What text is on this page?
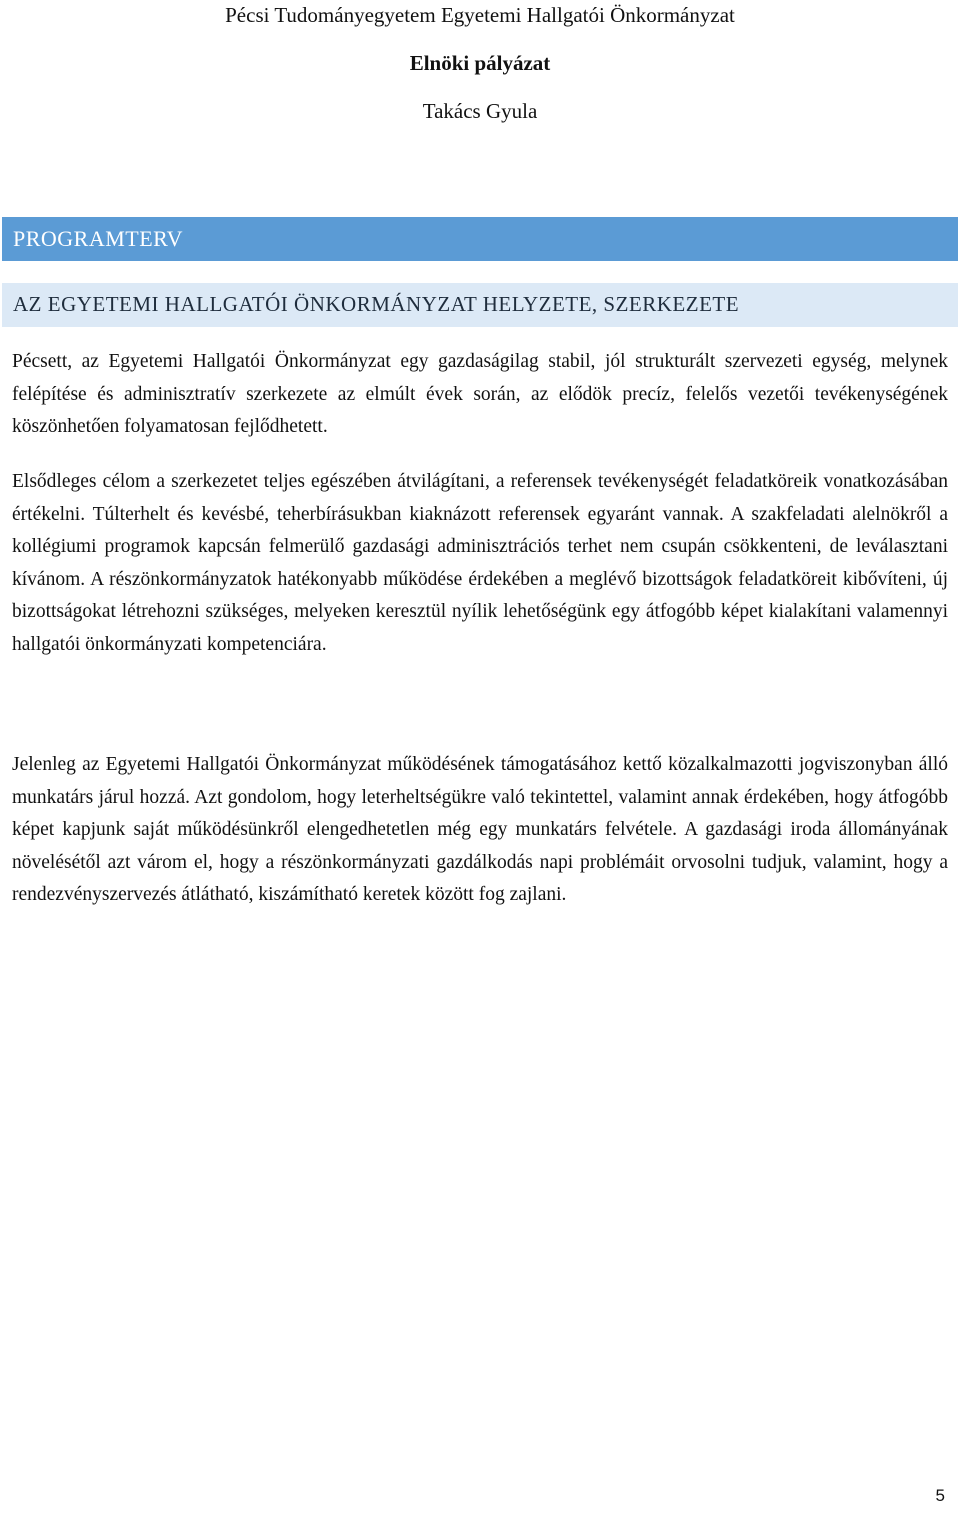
Pécsi Tudományegyetem Egyetemi Hallgatói Önkormányzat
Elnöki pályázat
Takács Gyula
PROGRAMTERV
AZ EGYETEMI HALLGATÓI ÖNKORMÁNYZAT HELYZETE, SZERKEZETE

Pécsett, az Egyetemi Hallgatói Önkormányzat egy gazdaságilag stabil, jól strukturált szervezeti egység, melynek felépítése és adminisztratív szerkezete az elmúlt évek során, az elődök precíz, felelős vezetői tevékenységének köszönhetően folyamatosan fejlődhetett.

Elsődleges célom a szerkezetet teljes egészében átvilágítani, a referensek tevékenységét feladatköreik vonatkozásában értékelni. Túlterhelt és kevésbé, teherbírásukban kiaknázott referensek egyaránt vannak. A szakfeladati alelnökről a kollégiumi programok kapcsán felmerülő gazdasági adminisztrációs terhet nem csupán csökkenteni, de leválasztani kívánom. A részönkormányzatok hatékonyabb működése érdekében a meglévő bizottságok feladatköreit kibővíteni, új bizottságokat létrehozni szükséges, melyeken keresztül nyílik lehetőségünk egy átfogóbb képet kialakítani valamennyi hallgatói önkormányzati kompetenciára.

Jelenleg az Egyetemi Hallgatói Önkormányzat működésének támogatásához kettő közalkalmazotti jogviszonyban álló munkatárs járul hozzá. Azt gondolom, hogy leterheltségükre való tekintettel, valamint annak érdekében, hogy átfogóbb képet kapjunk saját működésünkről elengedhetetlen még egy munkatárs felvétele. A gazdasági iroda állományának növelésétől azt várom el, hogy a részönkormányzati gazdálkodás napi problémáit orvosolni tudjuk, valamint, hogy a rendezvényszervezés átlátható, kiszámítható keretek között fog zajlani.

5
